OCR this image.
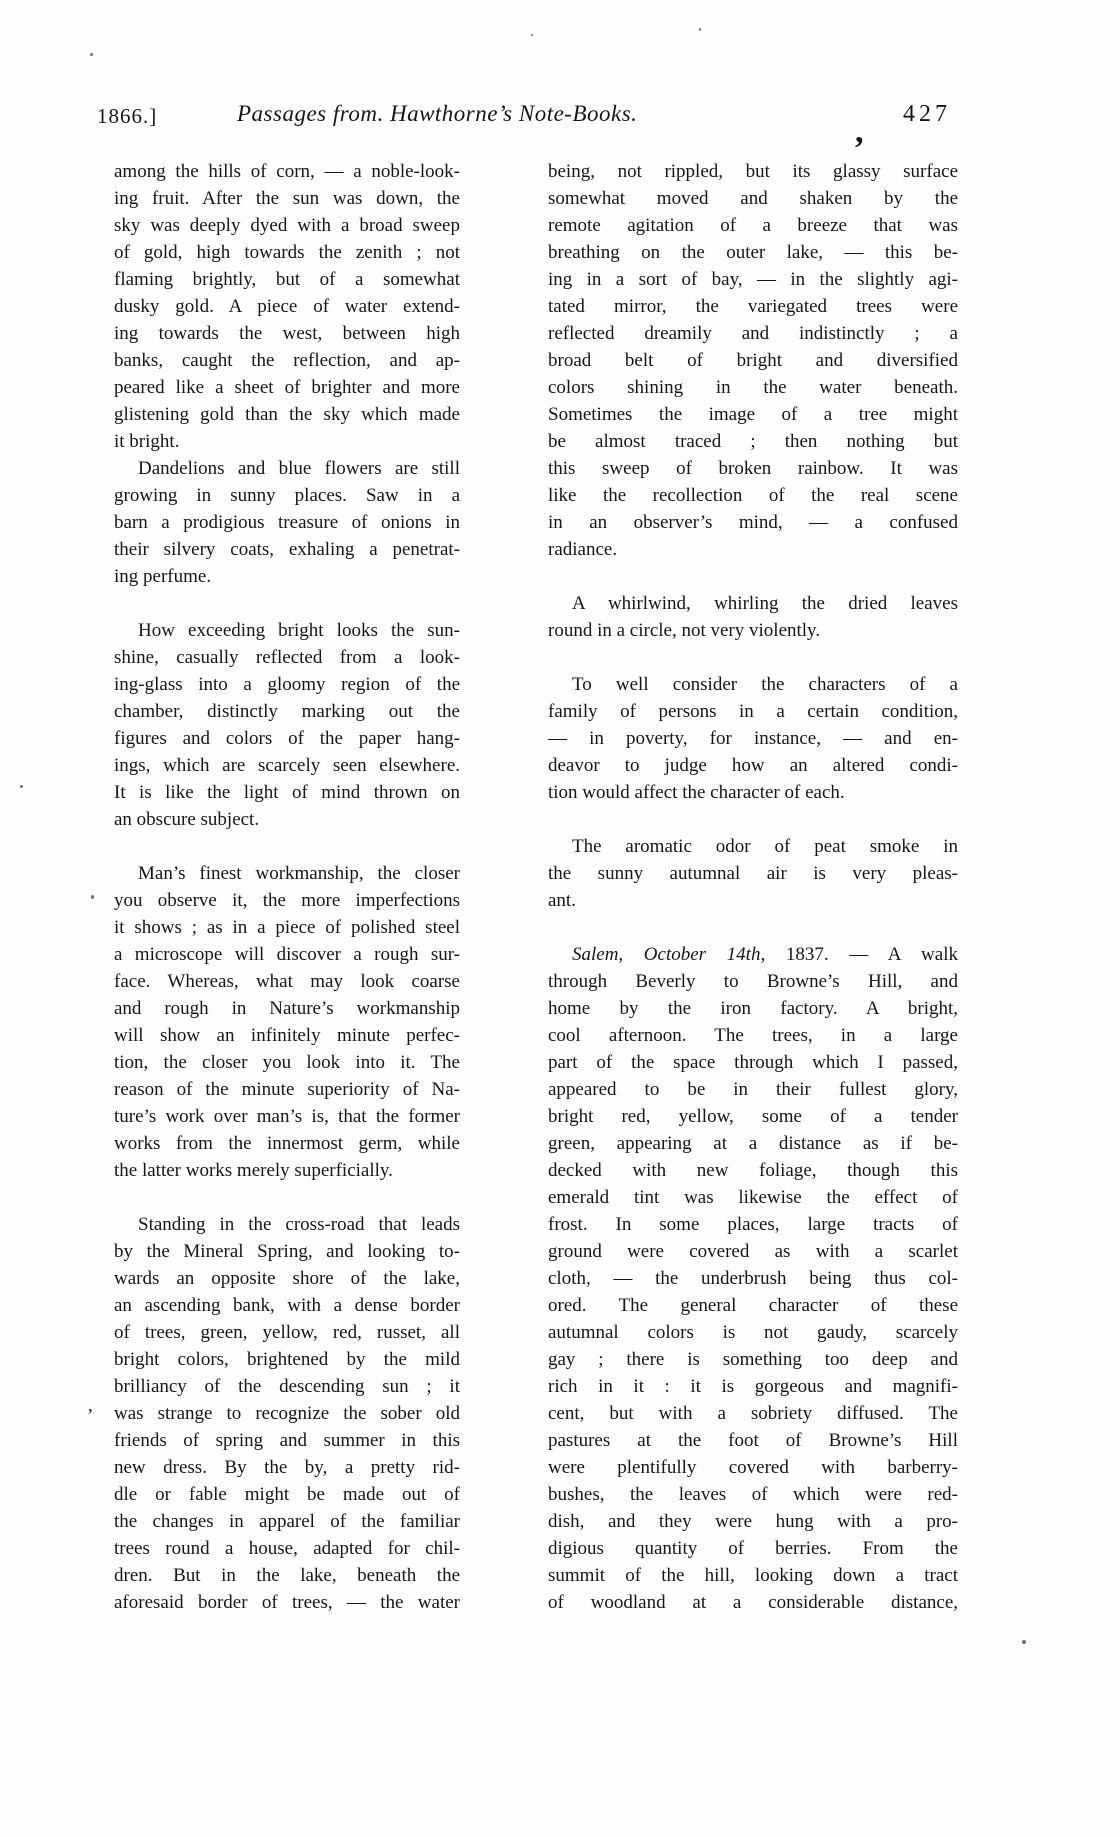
1866.]	Passages from. Hawthorne’s Note-Books.	427
,
among the hills of corn, — a noble-look-
ing fruit. After the sun was down, the
sky was deeply dyed with a broad sweep
of gold, high towards the zenith ; not
flaming brightly, but of a somewhat
dusky gold. A piece of water extend-
ing towards the west, between high
banks, caught the reflection, and ap-
peared like a sheet of brighter and more
glistening gold than the sky which made
it bright.
Dandelions and blue flowers are still
growing in sunny places. Saw in a
barn a prodigious treasure of onions in
their silvery coats, exhaling a penetrat-
ing perfume.
How exceeding bright looks the sun-
shine, casually reflected from a look-
ing-glass into a gloomy region of the
chamber, distinctly marking out the
figures and colors of the paper hang-
ings, which are scarcely seen elsewhere.
It is like the light of mind thrown on
an obscure subject.
Man’s finest workmanship, the closer
you observe it, the more imperfections
it shows ; as in a piece of polished steel
a microscope will discover a rough sur-
face. Whereas, what may look coarse
and rough in Nature’s workmanship
will show an infinitely minute perfec-
tion, the closer you look into it. The
reason of the minute superiority of Na-
ture’s work over man’s is, that the former
works from the innermost germ, while
the latter works merely superficially.
Standing in the cross-road that leads
by the Mineral Spring, and looking to-
wards an opposite shore of the lake,
an ascending bank, with a dense border
of trees, green, yellow, red, russet, all
bright colors, brightened by the mild
brilliancy of the descending sun ; it
was strange to recognize the sober old
friends of spring and summer in this
new dress. By the by, a pretty rid-
dle or fable might be made out of
the changes in apparel of the familiar
trees round a house, adapted for chil-
dren. But in the lake, beneath the
aforesaid border of trees, — the water
being, not rippled, but its glassy surface
somewhat moved and shaken by the
remote agitation of a breeze that was
breathing on the outer lake, — this be-
ing in a sort of bay, — in the slightly agi-
tated mirror, the variegated trees were
reflected dreamily and indistinctly ; a
broad belt of bright and diversified
colors shining in the water beneath.
Sometimes the image of a tree might
be almost traced ; then nothing but
this sweep of broken rainbow. It was
like the recollection of the real scene
in an observer’s mind, — a confused
radiance.
A whirlwind, whirling the dried leaves
round in a circle, not very violently.
To well consider the characters of a
family of persons in a certain condition,
— in poverty, for instance, — and en-
deavor to judge how an altered condi-
tion would affect the character of each.
The aromatic odor of peat smoke in
the sunny autumnal air is very pleas-
ant.
Salem, October 14th, 1837. — A walk
through Beverly to Browne’s Hill, and
home by the iron factory. A bright,
cool afternoon. The trees, in a large
part of the space through which I passed,
appeared to be in their fullest glory,
bright red, yellow, some of a tender
green, appearing at a distance as if be-
decked with new foliage, though this
emerald tint was likewise the effect of
frost. In some places, large tracts of
ground were covered as with a scarlet
cloth, — the underbrush being thus col-
ored. The general character of these
autumnal colors is not gaudy, scarcely
gay ; there is something too deep and
rich in it : it is gorgeous and magnifi-
cent, but with a sobriety diffused. The
pastures at the foot of Browne’s Hill
were plentifully covered with barberry-
bushes, the leaves of which were red-
dish, and they were hung with a pro-
digious quantity of berries. From the
summit of the hill, looking down a tract
of woodland at a considerable distance,
,
